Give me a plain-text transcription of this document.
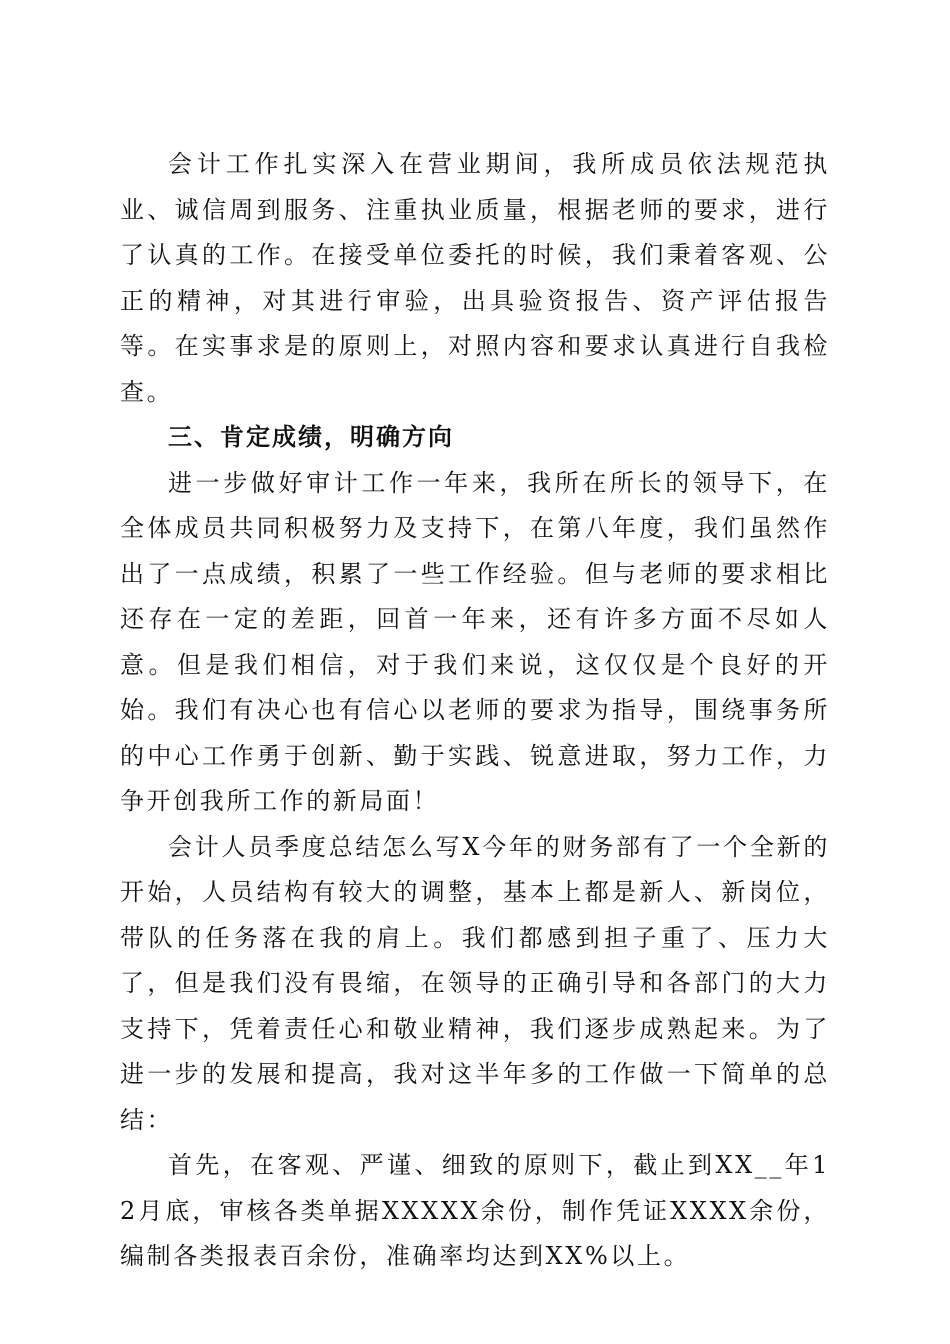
会计工作扎实深入在营业期间，我所成员依法规范执业、诚信周到服务、注重执业质量，根据老师的要求，进行了认真的工作。在接受单位委托的时候，我们秉着客观、公正的精神，对其进行审验，出具验资报告、资产评估报告等。在实事求是的原则上，对照内容和要求认真进行自我检查。

三、肯定成绩，明确方向

进一步做好审计工作一年来，我所在所长的领导下，在全体成员共同积极努力及支持下，在第八年度，我们虽然作出了一点成绩，积累了一些工作经验。但与老师的要求相比还存在一定的差距，回首一年来，还有许多方面不尽如人意。但是我们相信，对于我们来说，这仅仅是个良好的开始。我们有决心也有信心以老师的要求为指导，围绕事务所的中心工作勇于创新、勤于实践、锐意进取，努力工作，力争开创我所工作的新局面！

会计人员季度总结怎么写X今年的财务部有了一个全新的开始，人员结构有较大的调整，基本上都是新人、新岗位，带队的任务落在我的肩上。我们都感到担子重了、压力大了，但是我们没有畏缩，在领导的正确引导和各部门的大力支持下，凭着责任心和敬业精神，我们逐步成熟起来。为了进一步的发展和提高，我对这半年多的工作做一下简单的总结：

首先，在客观、严谨、细致的原则下，截止到XX__年12月底，审核各类单据XXXXX余份，制作凭证XXXX余份，编制各类报表百余份，准确率均达到XX%以上。
